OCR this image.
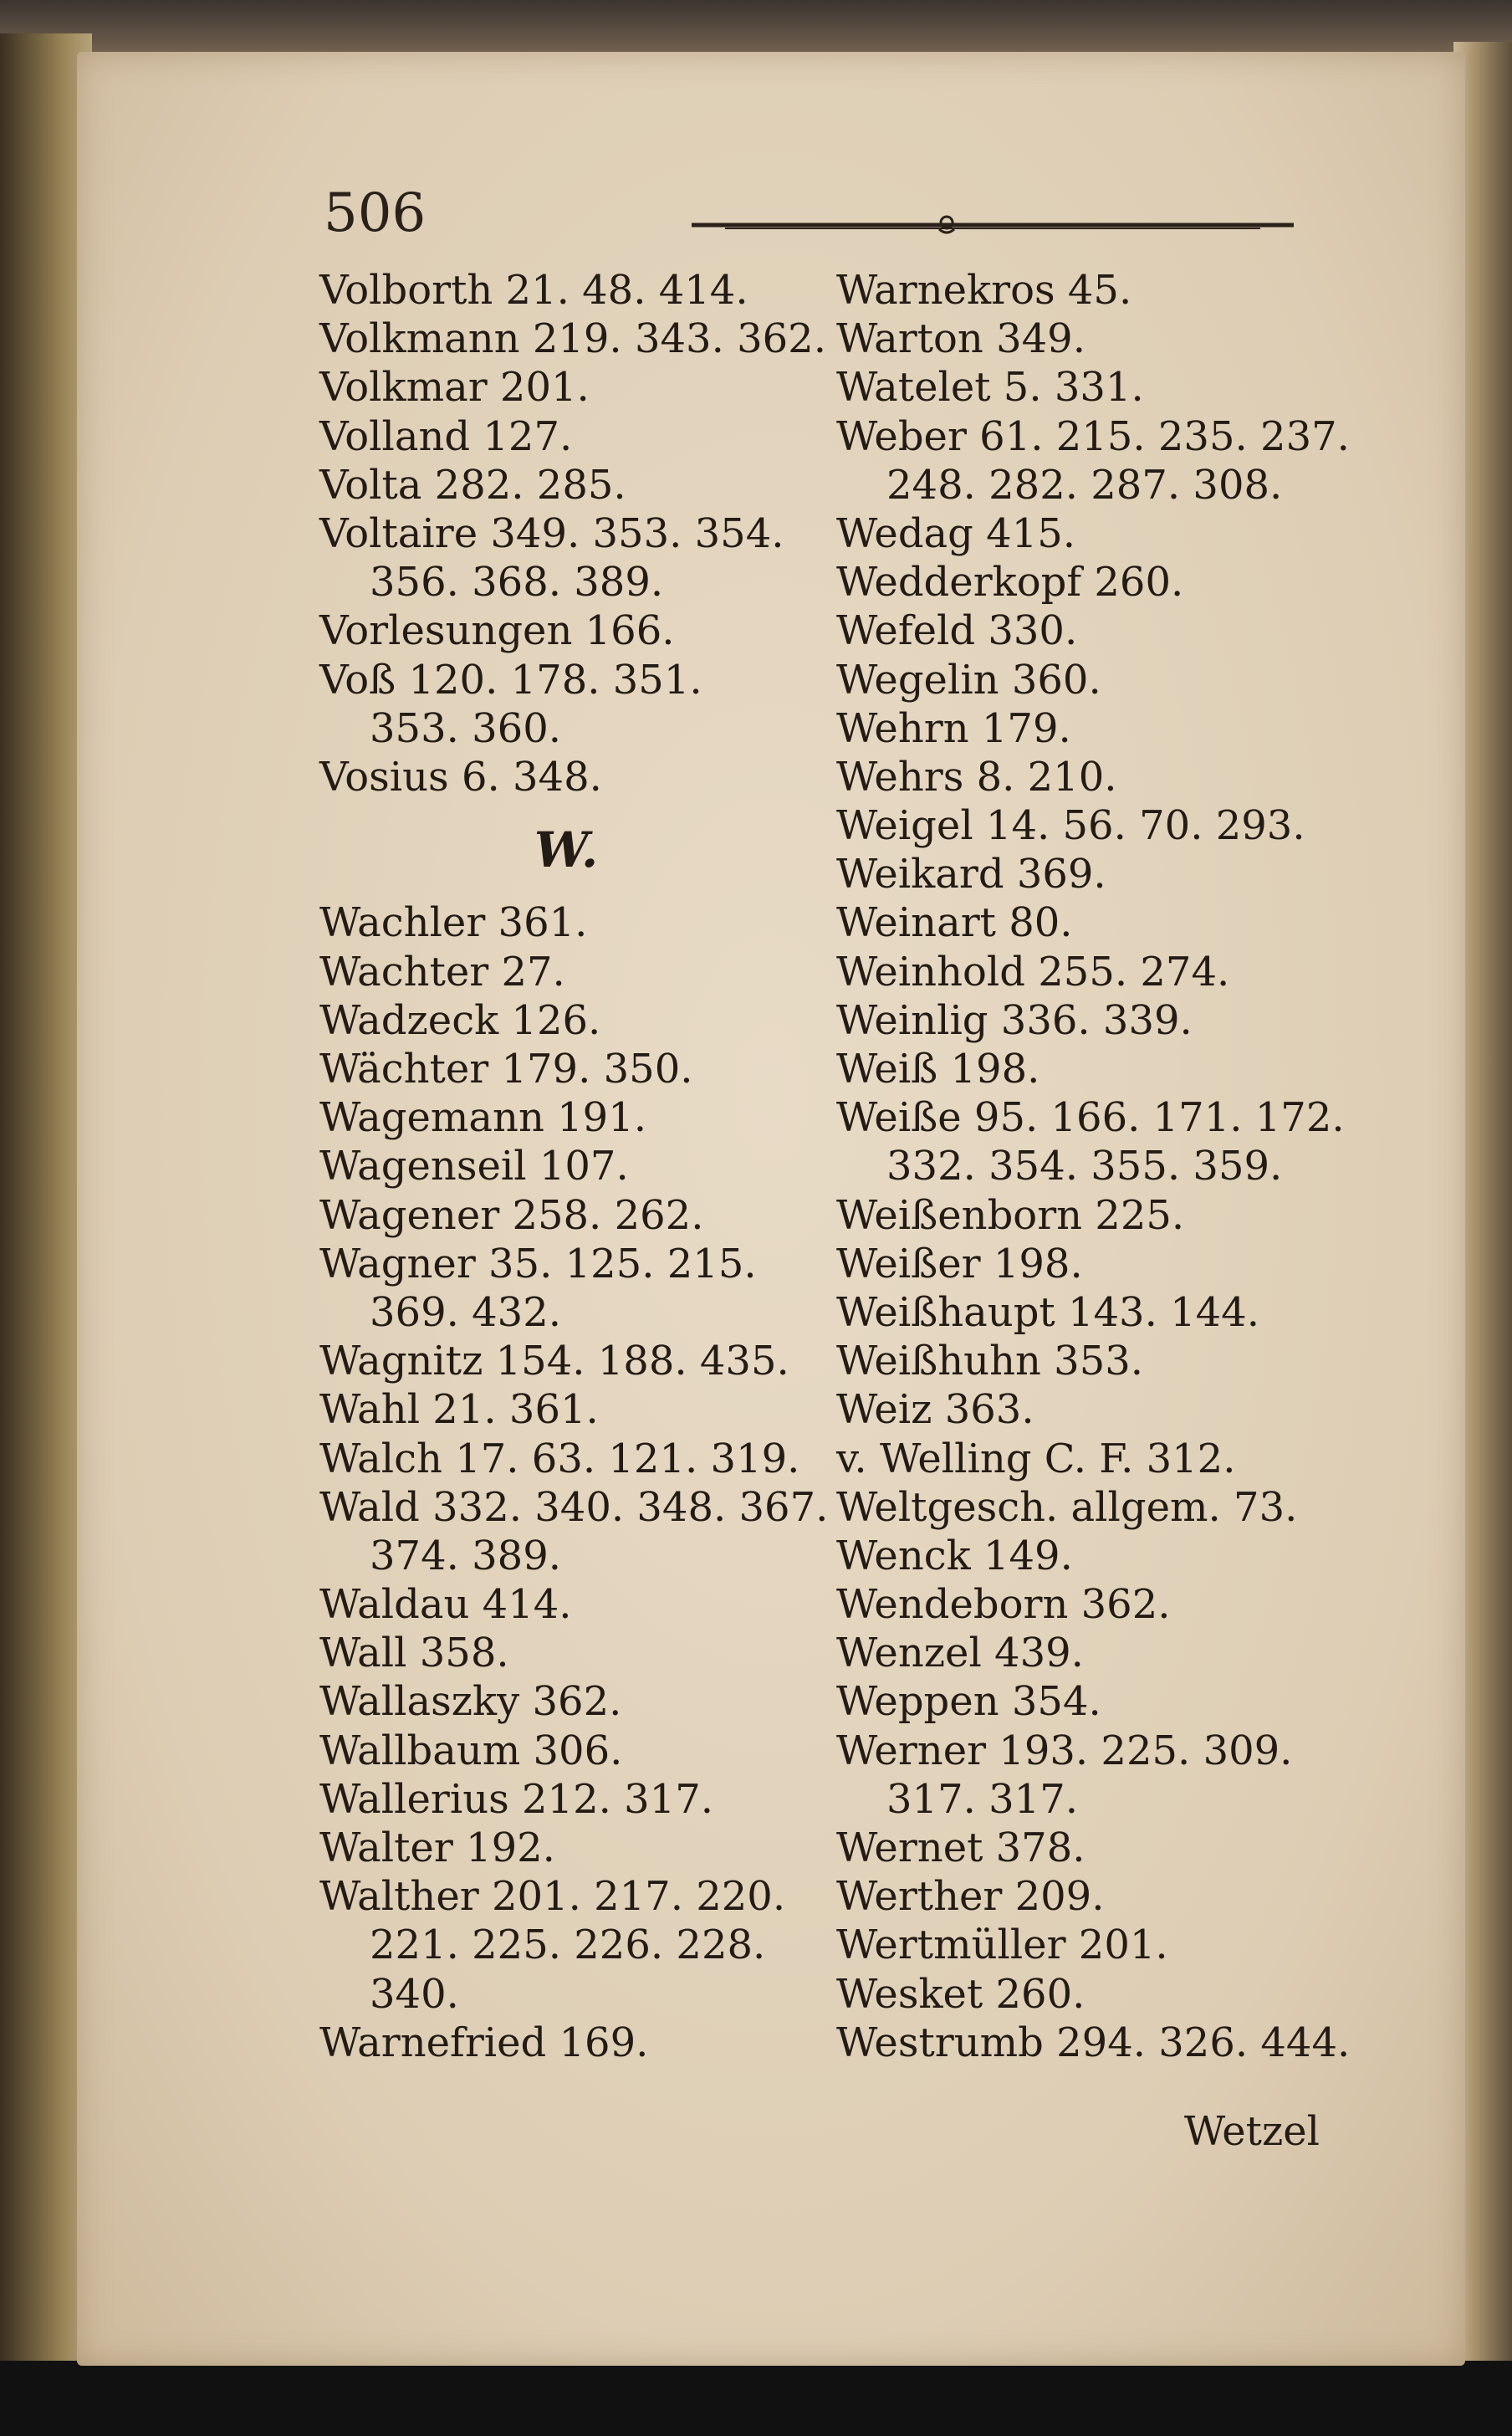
506
Volborth 21. 48. 414.
Volkmann 219. 343. 362.
Volkmar 201.
Volland 127.
Volta 282. 285.
Voltaire 349. 353. 354.
356. 368. 389.
Vorlesungen 166.
Voß 120. 178. 351.
353. 360.
Vosius 6. 348.
W.
Wachler 361.
Wachter 27.
Wadzeck 126.
Wächter 179. 350.
Wagemann 191.
Wagenseil 107.
Wagener 258. 262.
Wagner 35. 125. 215.
369. 432.
Wagnitz 154. 188. 435.
Wahl 21. 361.
Walch 17. 63. 121. 319.
Wald 332. 340. 348. 367.
374. 389.
Waldau 414.
Wall 358.
Wallaszky 362.
Wallbaum 306.
Wallerius 212. 317.
Walter 192.
Walther 201. 217. 220.
221. 225. 226. 228.
340.
Warnefried 169.
Warnekros 45.
Warton 349.
Watelet 5. 331.
Weber 61. 215. 235. 237.
248. 282. 287. 308.
Wedag 415.
Wedderkopf 260.
Wefeld 330.
Wegelin 360.
Wehrn 179.
Wehrs 8. 210.
Weigel 14. 56. 70. 293.
Weikard 369.
Weinart 80.
Weinhold 255. 274.
Weinlig 336. 339.
Weiß 198.
Weiße 95. 166. 171. 172.
332. 354. 355. 359.
Weißenborn 225.
Weißer 198.
Weißhaupt 143. 144.
Weißhuhn 353.
Weiz 363.
v. Welling C. F. 312.
Weltgesch. allgem. 73.
Wenck 149.
Wendeborn 362.
Wenzel 439.
Weppen 354.
Werner 193. 225. 309.
317. 317.
Wernet 378.
Werther 209.
Wertmüller 201.
Wesket 260.
Westrumb 294. 326. 444.
Wetzel
